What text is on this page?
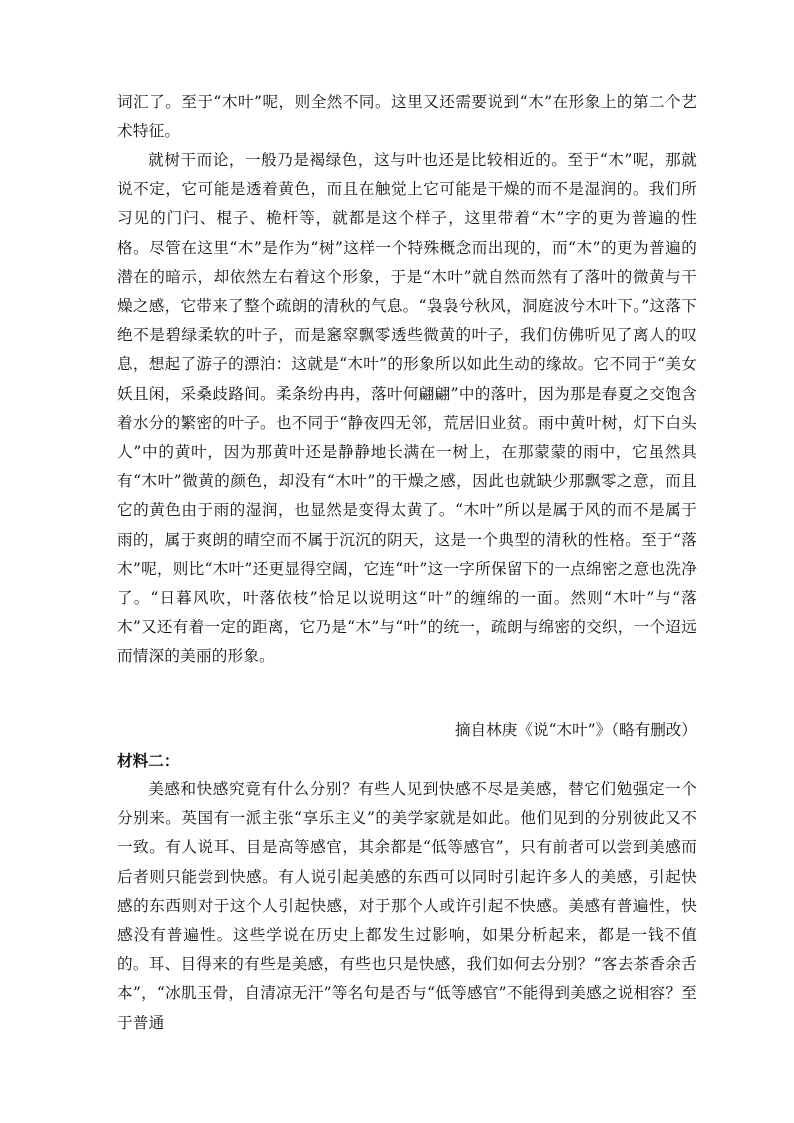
词汇了。至于“木叶”呢，则全然不同。这里又还需要说到“木”在形象上的第二个艺术特征。

就树干而论，一般乃是褐绿色，这与叶也还是比较相近的。至于“木”呢，那就说不定，它可能是透着黄色，而且在触觉上它可能是干燥的而不是湿润的。我们所习见的门闩、棍子、桅杆等，就都是这个样子，这里带着“木”字的更为普遍的性格。尽管在这里“木”是作为“树”这样一个特殊概念而出现的，而“木”的更为普遍的潜在的暗示，却依然左右着这个形象，于是“木叶”就自然而然有了落叶的微黄与干燥之感，它带来了整个疏朗的清秋的气息。“袅袅兮秋风，洞庭波兮木叶下。”这落下绝不是碧绿柔软的叶子，而是窸窣飘零透些微黄的叶子，我们仿佛听见了离人的叹息，想起了游子的漂泊：这就是“木叶”的形象所以如此生动的缘故。它不同于“美女妖且闲，采桑歧路间。柔条纷冉冉，落叶何翩翩”中的落叶，因为那是春夏之交饱含着水分的繁密的叶子。也不同于“静夜四无邻，荒居旧业贫。雨中黄叶树，灯下白头人”中的黄叶，因为那黄叶还是静静地长满在一树上，在那蒙蒙的雨中，它虽然具有“木叶”微黄的颜色，却没有“木叶”的干燥之感，因此也就缺少那飘零之意，而且它的黄色由于雨的湿润，也显然是变得太黄了。“木叶”所以是属于风的而不是属于雨的，属于爽朗的晴空而不属于沉沉的阴天，这是一个典型的清秋的性格。至于“落木”呢，则比“木叶”还更显得空阔，它连“叶”这一字所保留下的一点绵密之意也洗净了。“日暮风吹，叶落依枝”恰足以说明这“叶”的缠绵的一面。然则“木叶”与“落木”又还有着一定的距离，它乃是“木”与“叶”的统一，疏朗与绵密的交织，一个迢远而情深的美丽的形象。

摘自林庚《说“木叶”》（略有删改）

材料二：

美感和快感究竟有什么分别？有些人见到快感不尽是美感，替它们勉强定一个分别来。英国有一派主张“享乐主义”的美学家就是如此。他们见到的分别彼此又不一致。有人说耳、目是高等感官，其余都是“低等感官”，只有前者可以尝到美感而后者则只能尝到快感。有人说引起美感的东西可以同时引起许多人的美感，引起快感的东西则对于这个人引起快感，对于那个人或许引起不快感。美感有普遍性，快感没有普遍性。这些学说在历史上都发生过影响，如果分析起来，都是一钱不值的。耳、目得来的有些是美感，有些也只是快感，我们如何去分别？“客去茶香余舌本”，“冰肌玉骨，自清凉无汗”等名句是否与“低等感官”不能得到美感之说相容？至于普通
